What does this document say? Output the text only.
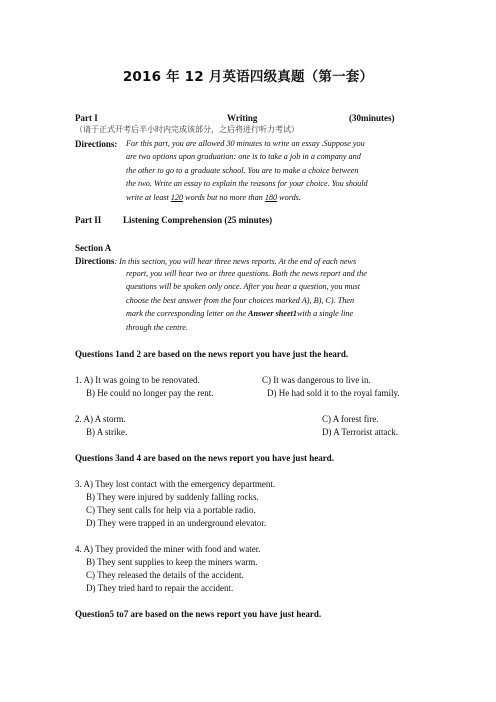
2016 年 12 月英语四级真题（第一套）
Part I	Writing	(30minutes)
（请于正式开考后半小时内完成该部分，之后将进行听力考试）
Directions: For this part, you are allowed 30 minutes to write an essay .Suppose you
are two options upon graduation: one is to take a job in a company and
the other to go to a graduate school. You are to make a choice between
the two. Write an essay to explain the reasons for your choice. You should
write at least 120 words but no more than 180 words.
Part II Listening Comprehension (25 minutes)
Section A
Directions: In this section, you will hear three news reports. At the end of each news
report, you will hear two or three questions. Both the news report and the
questions will be spoken only once. After you hear a question, you must
choose the best answer from the four choices marked A), B), C). Then
mark the corresponding letter on the Answer sheet1with a single line
through the centre.
Questions 1and 2 are based on the news report you have just the heard.
1. A) It was going to be renovated.	C) It was dangerous to live in.
B) He could no longer pay the rent.	D) He had sold it to the royal family.
2. A) A storm.	C) A forest fire.
B) A strike.	D) A Terrorist attack.
Questions 3and 4 are based on the news report you have just heard.
3. A) They lost contact with the emergency department.
B) They were injured by suddenly falling rocks.
C) They sent calls for help via a portable radio.
D) They were trapped in an underground elevator.
4. A) They provided the miner with food and water.
B) They sent supplies to keep the miners warm.
C) They released the details of the accident.
D) They tried hard to repair the accident.
Question5 to7 are based on the news report you have just heard.
